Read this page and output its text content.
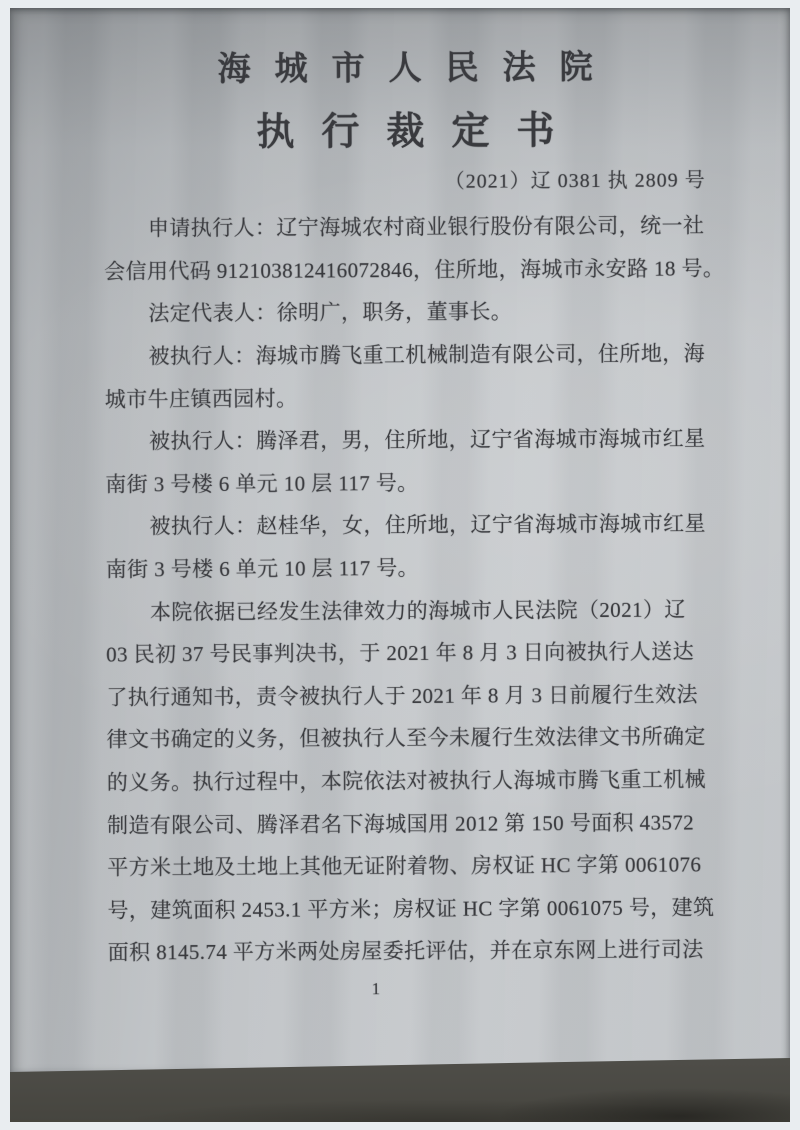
海城市人民法院
执行裁定书
（2021）辽 0381 执 2809 号
申请执行人：辽宁海城农村商业银行股份有限公司，统一社
会信用代码 912103812416072846，住所地，海城市永安路 18 号。
法定代表人：徐明广，职务，董事长。
被执行人：海城市腾飞重工机械制造有限公司，住所地，海
城市牛庄镇西园村。
被执行人：腾泽君，男，住所地，辽宁省海城市海城市红星
南街 3 号楼 6 单元 10 层 117 号。
被执行人：赵桂华，女，住所地，辽宁省海城市海城市红星
南街 3 号楼 6 单元 10 层 117 号。
本院依据已经发生法律效力的海城市人民法院（2021）辽
03 民初 37 号民事判决书，于 2021 年 8 月 3 日向被执行人送达
了执行通知书，责令被执行人于 2021 年 8 月 3 日前履行生效法
律文书确定的义务，但被执行人至今未履行生效法律文书所确定
的义务。执行过程中，本院依法对被执行人海城市腾飞重工机械
制造有限公司、腾泽君名下海城国用 2012 第 150 号面积 43572
平方米土地及土地上其他无证附着物、房权证 HC 字第 0061076
号，建筑面积 2453.1 平方米；房权证 HC 字第 0061075 号，建筑
面积 8145.74 平方米两处房屋委托评估，并在京东网上进行司法
1
